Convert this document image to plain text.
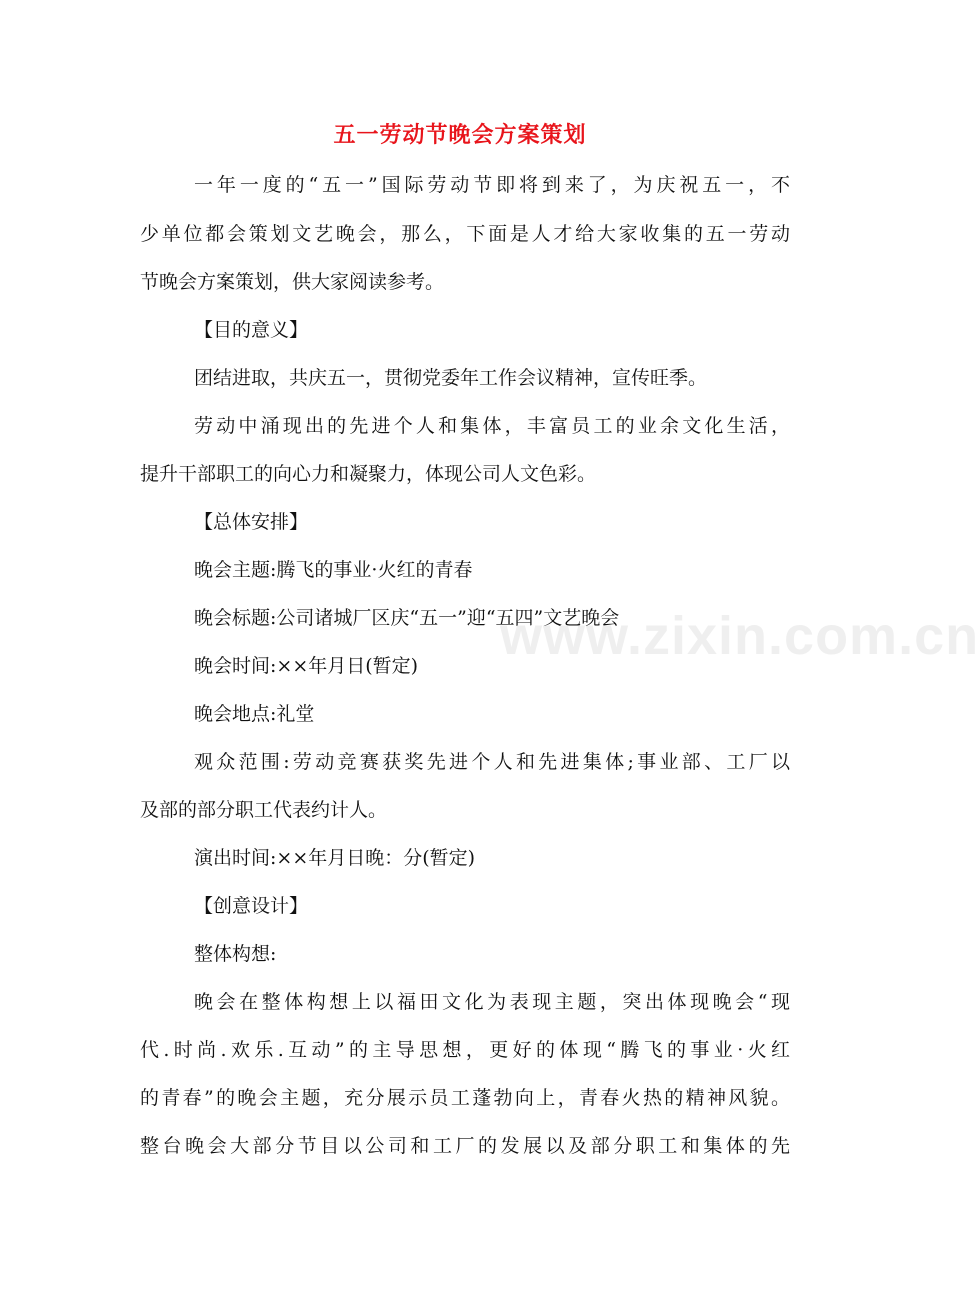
五一劳动节晚会方案策划
一年一度的“五一”国际劳动节即将到来了，为庆祝五一，不
少单位都会策划文艺晚会，那么，下面是人才给大家收集的五一劳动
节晚会方案策划，供大家阅读参考。
【目的意义】
团结进取，共庆五一，贯彻党委年工作会议精神，宣传旺季。
劳动中涌现出的先进个人和集体，丰富员工的业余文化生活，
提升干部职工的向心力和凝聚力，体现公司人文色彩。
【总体安排】
晚会主题:腾飞的事业·火红的青春
晚会标题:公司诸城厂区庆“五一”迎“五四”文艺晚会
晚会时间:××年月日(暂定)
晚会地点:礼堂
观众范围:劳动竞赛获奖先进个人和先进集体;事业部、工厂以
及部的部分职工代表约计人。
演出时间:××年月日晚：分(暂定)
【创意设计】
整体构想:
晚会在整体构想上以福田文化为表现主题，突出体现晚会“现
代.时尚.欢乐.互动”的主导思想，更好的体现“腾飞的事业·火红
的青春”的晚会主题，充分展示员工蓬勃向上，青春火热的精神风貌。
整台晚会大部分节目以公司和工厂的发展以及部分职工和集体的先
www.zixin.com.cn
